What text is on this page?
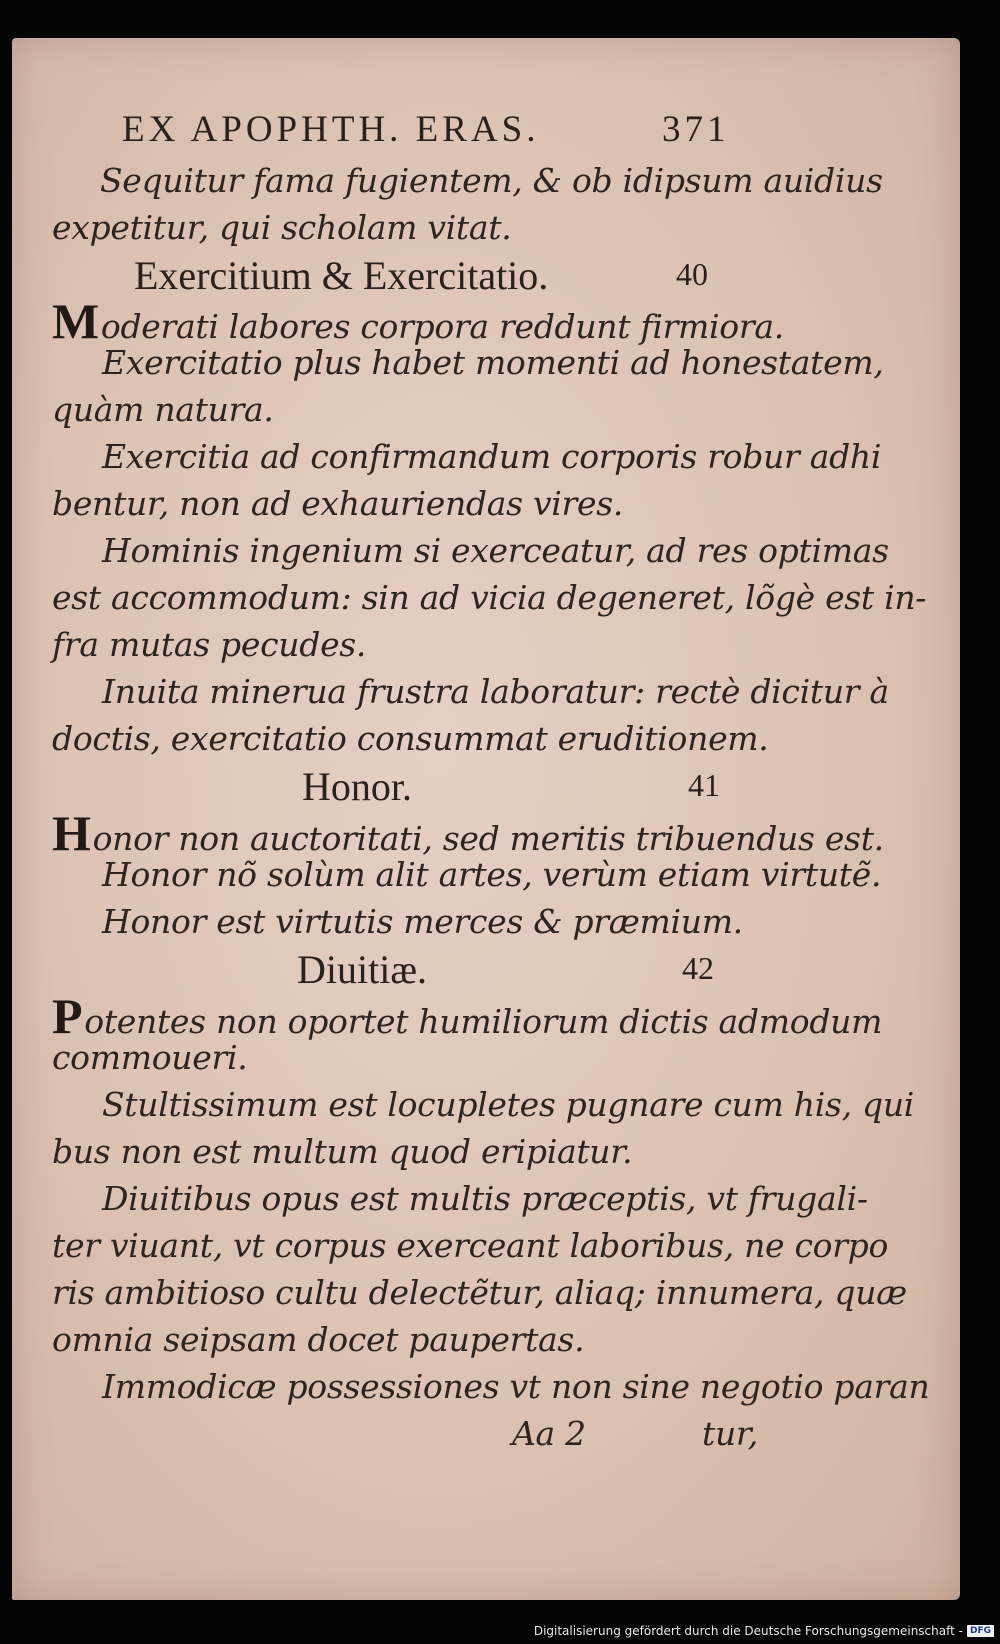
EX APOPHTH. ERAS.	371
Sequitur fama fugientem, & ob idipsum auidius
expetitur, qui scholam vitat.
Exercitium & Exercitatio.	40
Moderati labores corpora reddunt firmiora.
Exercitatio plus habet momenti ad honestatem,
quàm natura.
Exercitia ad confirmandum corporis robur adhi
bentur, non ad exhauriendas vires.
Hominis ingenium si exerceatur, ad res optimas
est accommodum: sin ad vicia degeneret, lõgè est in-
fra mutas pecudes.
Inuita minerua frustra laboratur: rectè dicitur à
doctis, exercitatio consummat eruditionem.
Honor.	41
Honor non auctoritati, sed meritis tribuendus est.
Honor nõ solùm alit artes, verùm etiam virtutẽ.
Honor est virtutis merces & præmium.
Diuitiæ.	42
Potentes non oportet humiliorum dictis admodum
commoueri.
Stultissimum est locupletes pugnare cum his, qui
bus non est multum quod eripiatur.
Diuitibus opus est multis præceptis, vt frugali-
ter viuant, vt corpus exerceant laboribus, ne corpo
ris ambitioso cultu delectẽtur, aliaq; innumera, quæ
omnia seipsam docet paupertas.
Immodicæ possessiones vt non sine negotio paran
Aa 2	tur,
Digitalisierung gefördert durch die Deutsche Forschungsgemeinschaft - DFG
